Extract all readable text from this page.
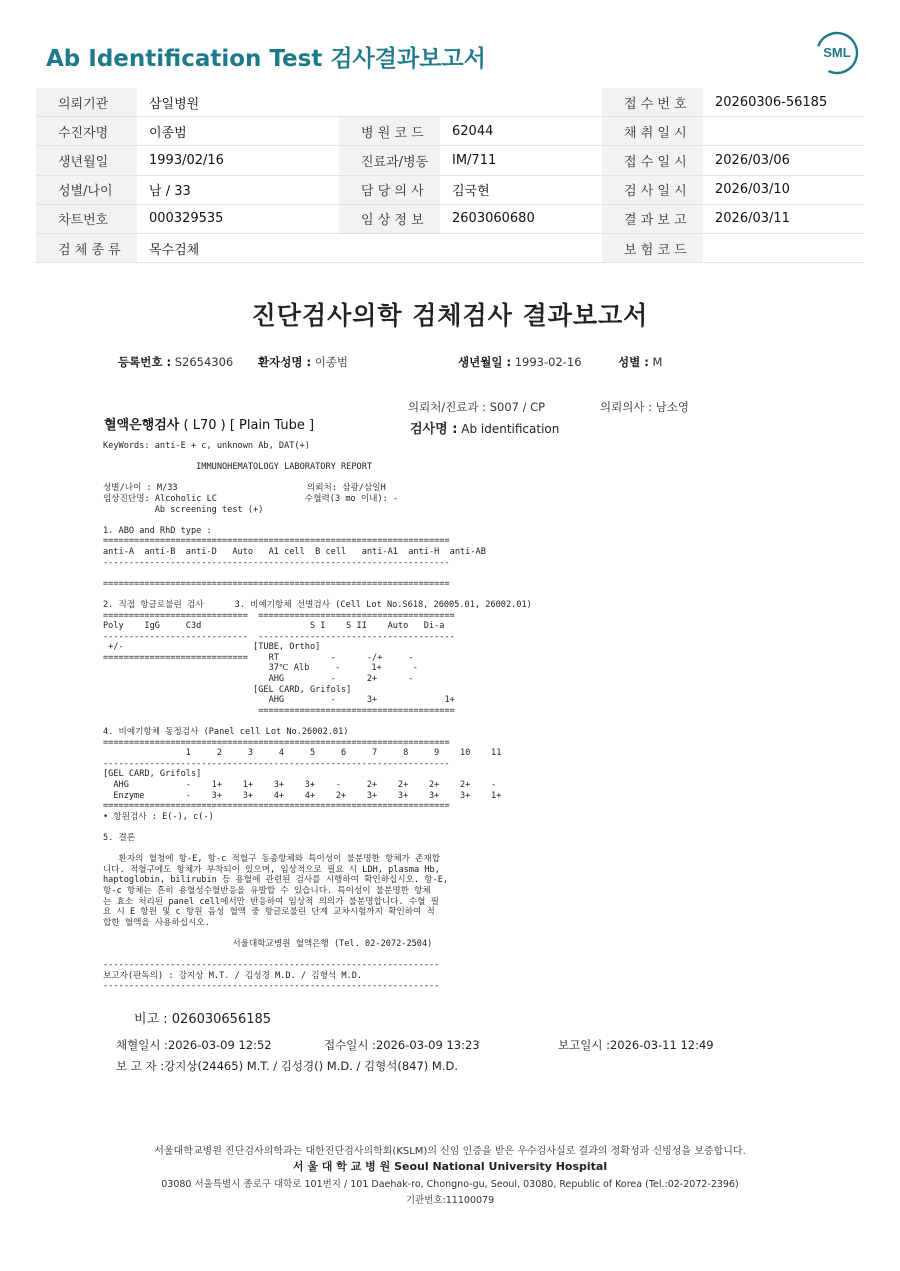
Ab Identification Test 검사결과보고서	SML
의뢰기관	삼일병원			접 수 번 호	20260306-56185
수진자명	이종범	병 원 코 드	62044	채 취 일 시	
생년월일	1993/02/16	진료과/병동	IM/711	접 수 일 시	2026/03/06
성별/나이	남 / 33	담 당 의 사	김국현	검 사 일 시	2026/03/10
차트번호	000329535	임 상 정 보	2603060680	결 과 보 고	2026/03/11
검 체 종 류	목수검체			보 험 코 드	
진단검사의학 검체검사 결과보고서
등록번호 : S2654306 환자성명 : 이종범	생년월일 : 1993-02-16	성별 : M
의뢰처/진료과 : S007 / CP	의뢰의사 : 남소영
혈액은행검사 ( L70 ) [ Plain Tube ]	검사명 : Ab identification
KeyWords: anti-E + c, unknown Ab, DAT(+)

IMMUNOHEMATOLOGY LABORATORY REPORT

성별/나이 : M/33                         의뢰처: 삼광/삼일H
임상진단명: Alcoholic LC                 수혈력(3 mo 이내): -
Ab screening test (+)

1. ABO and RhD type :
===================================================================
anti-A  anti-B  anti-D   Auto   A1 cell  B cell   anti-A1  anti-H  anti-AB
-------------------------------------------------------------------

===================================================================

2. 직접 항글로불린 검사      3. 비예기항체 선별검사 (Cell Lot No.S618, 26005.01, 26002.01)
============================  ======================================
Poly    IgG     C3d                     S I    S II    Auto   Di-a
----------------------------  --------------------------------------
+/-                         [TUBE, Ortho]
============================    RT          -      -/+     -
37℃ Alb     -      1+      -
AHG         -      2+      -
[GEL CARD, Grifols]
AHG         -      3+             1+
======================================

4. 비예기항체 동정검사 (Panel cell Lot No.26002.01)
===================================================================
1     2     3     4     5     6     7     8     9    10    11
-------------------------------------------------------------------
[GEL CARD, Grifols]
AHG           -    1+    1+    3+    3+    -     2+    2+    2+    2+    -
Enzyme        -    3+    3+    4+    4+    2+    3+    3+    3+    3+    1+
===================================================================
• 항원검사 : E(-), c(-)

5. 결론

환자의 혈청에 항-E, 항-c 적혈구 동종항체와 특이성이 불분명한 항체가 존재합
니다. 적혈구에도 항체가 부착되어 있으며, 임상적으로 필요 시 LDH, plasma Hb,
haptoglobin, bilirubin 등 용혈에 관련된 검사를 시행하여 확인하십시오. 항-E,
항-c 항체는 흔히 용혈성수혈반응을 유발할 수 있습니다. 특이성이 불분명한 항체
는 효소 처리된 panel cell에서만 반응하여 임상적 의의가 불분명합니다. 수혈 필
요 시 E 항원 및 c 항원 음성 혈액 중 항글로불린 단계 교차시험까지 확인하여 적
합한 혈액을 사용하십시오.

서울대학교병원 혈액은행 (Tel. 02-2072-2504)

-----------------------------------------------------------------
보고자(판독의) : 강지상 M.T. / 김성경 M.D. / 김형석 M.D.
-----------------------------------------------------------------
비고 : 026030656185
채혈일시 :2026-03-09 12:52	접수일시 :2026-03-09 13:23	보고일시 :2026-03-11 12:49
보 고 자 :강지상(24465) M.T. / 김성경() M.D. / 김형석(847) M.D.
서울대학교병원 진단검사의학과는 대한진단검사의학회(KSLM)의 신임 인증을 받은 우수검사실로 결과의 정확성과 신빙성을 보증합니다.
서 울 대 학 교 병 원 Seoul National University Hospital
03080 서울특별시 종로구 대학로 101번지 / 101 Daehak-ro, Chongno-gu, Seoul, 03080, Republic of Korea (Tel.:02-2072-2396)
기관번호:11100079
